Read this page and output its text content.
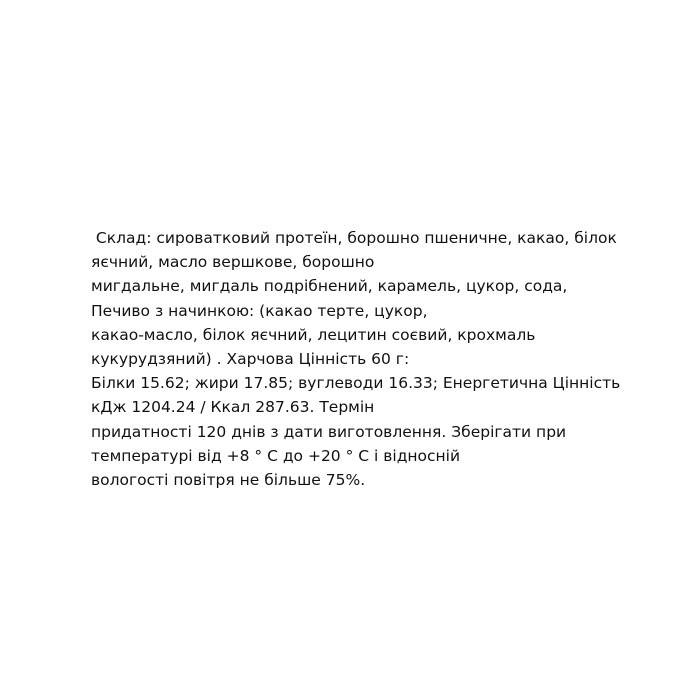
Склад: сироватковий протеїн, борошно пшеничне, какао, білок
яєчний, масло вершкове, борошно
мигдальне, мигдаль подрібнений, карамель, цукор, сода,
Печиво з начинкою: (какао терте, цукор,
какао-масло, білок яєчний, лецитин соєвий, крохмаль
кукурудзяний) . Харчова Цінність 60 г:
Білки 15.62; жири 17.85; вуглеводи 16.33; Енергетична Цінність
кДж 1204.24 / Ккал 287.63. Термін
придатності 120 днів з дати виготовлення. Зберігати при
температурі від +8 ° С до +20 ° С і відносній
вологості повітря не більше 75%.
